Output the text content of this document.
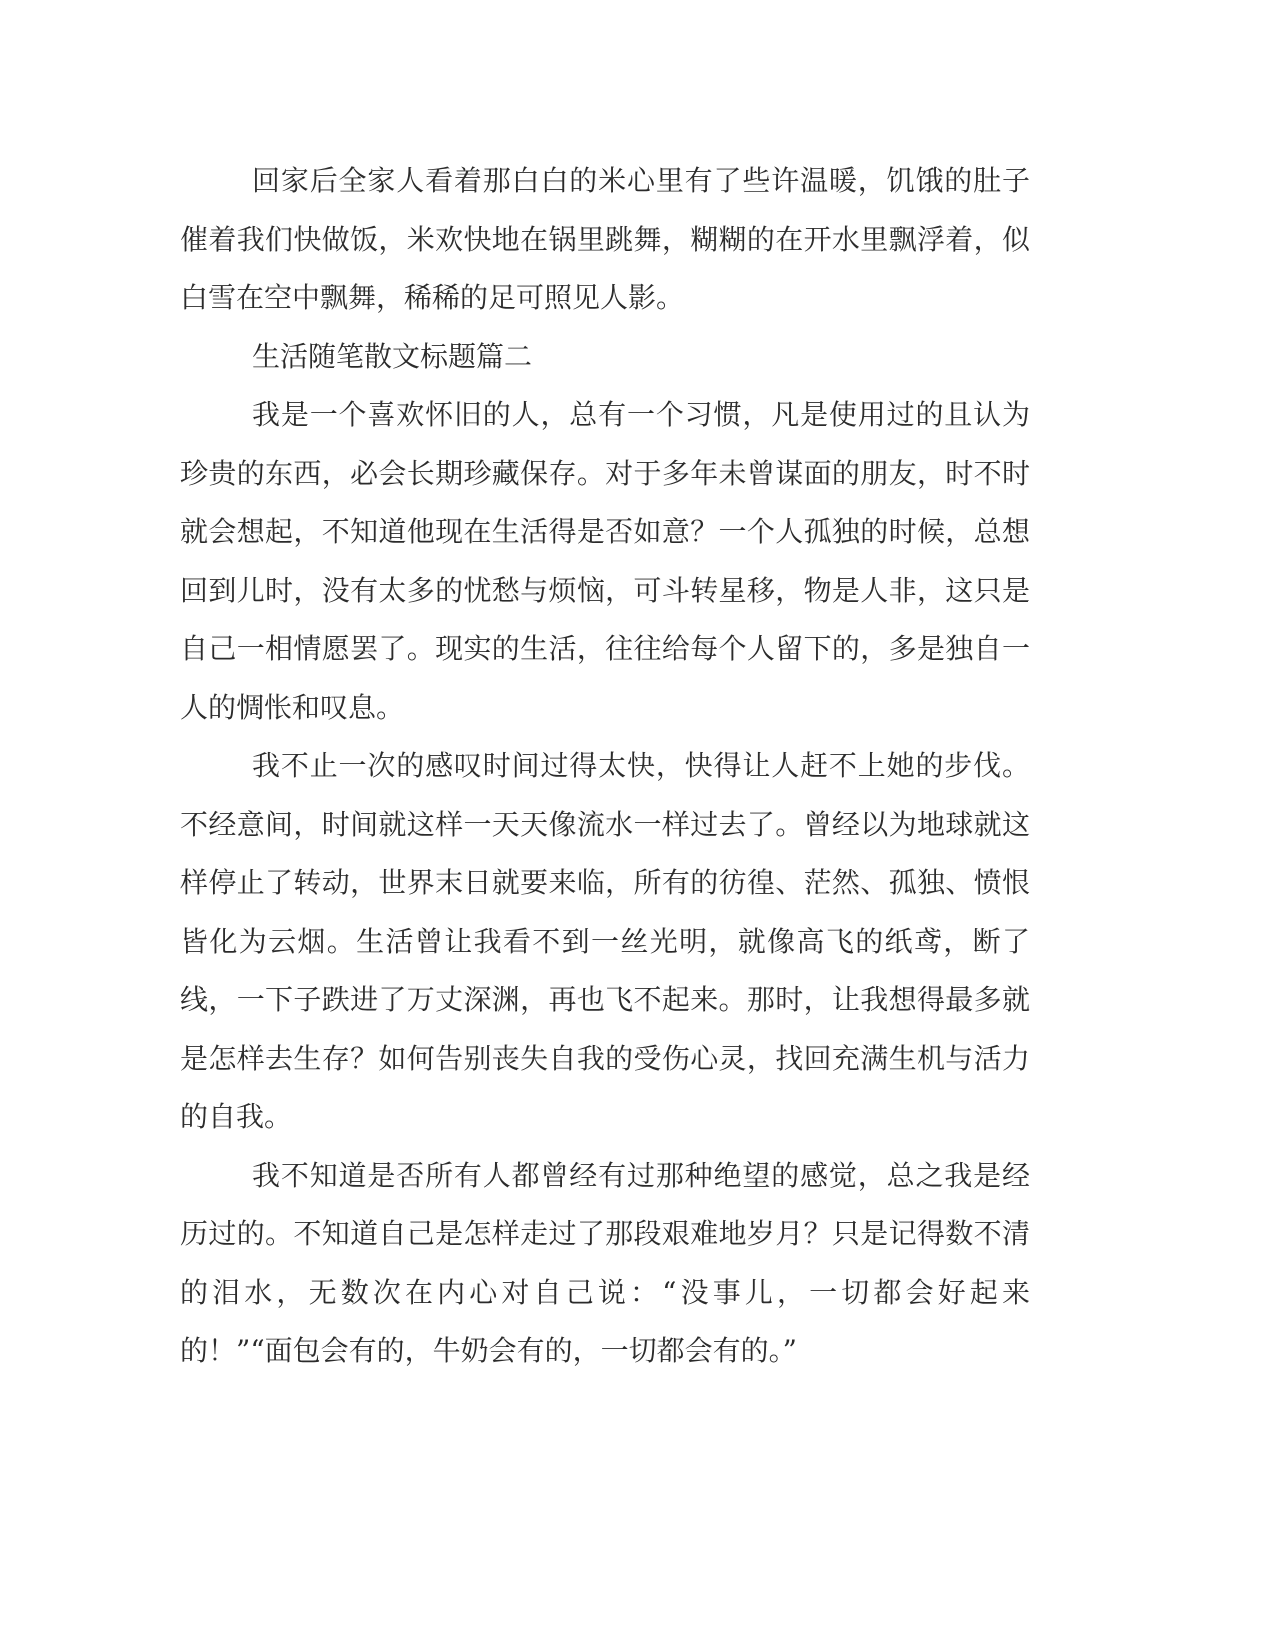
回家后全家人看着那白白的米心里有了些许温暖，饥饿的肚子催着我们快做饭，米欢快地在锅里跳舞，糊糊的在开水里飘浮着，似白雪在空中飘舞，稀稀的足可照见人影。

生活随笔散文标题篇二

我是一个喜欢怀旧的人，总有一个习惯，凡是使用过的且认为珍贵的东西，必会长期珍藏保存。对于多年未曾谋面的朋友，时不时就会想起，不知道他现在生活得是否如意？一个人孤独的时候，总想回到儿时，没有太多的忧愁与烦恼，可斗转星移，物是人非，这只是自己一相情愿罢了。现实的生活，往往给每个人留下的，多是独自一人的惆怅和叹息。

我不止一次的感叹时间过得太快，快得让人赶不上她的步伐。不经意间，时间就这样一天天像流水一样过去了。曾经以为地球就这样停止了转动，世界末日就要来临，所有的彷徨、茫然、孤独、愤恨皆化为云烟。生活曾让我看不到一丝光明，就像高飞的纸鸢，断了线，一下子跌进了万丈深渊，再也飞不起来。那时，让我想得最多就是怎样去生存？如何告别丧失自我的受伤心灵，找回充满生机与活力的自我。

我不知道是否所有人都曾经有过那种绝望的感觉，总之我是经历过的。不知道自己是怎样走过了那段艰难地岁月？只是记得数不清的泪水，无数次在内心对自己说：“没事儿，一切都会好起来的！”“面包会有的，牛奶会有的，一切都会有的。”
